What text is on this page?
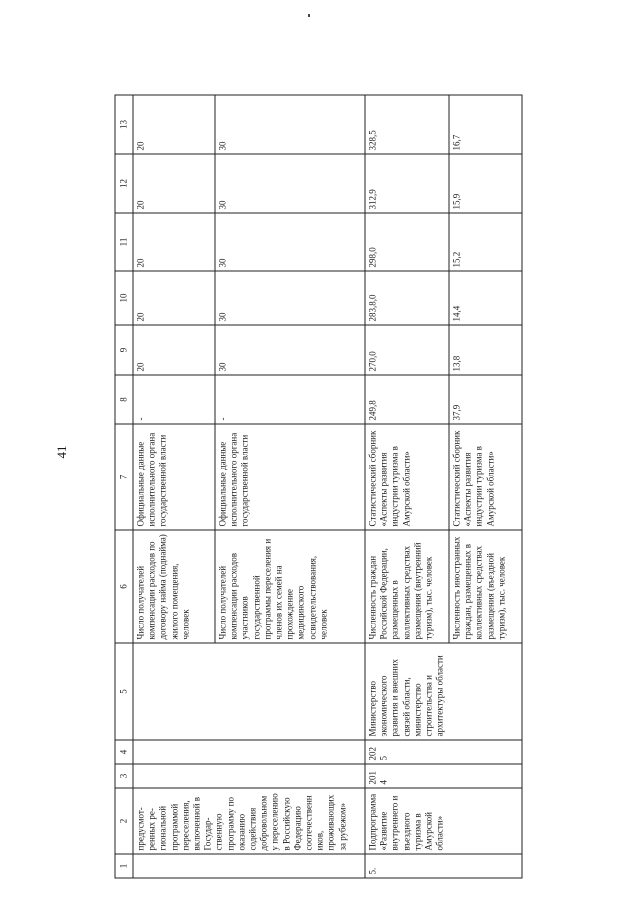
41
1	2	3	4	5	6	7	8	9	10	11	12	13
	предусмот-ренных ре-гиональной программой переселения, включенной в Государ-ственную программу по оказанию содействия добровольному переселению в Российскую Федерацию соотечественников, проживающих за рубежом»				Число получателей компенсации расходов по договору найма (поднайма) жилого помещения, человек	Официальные данные исполнительного органа государственной власти	-	20	20	20	20	20
					Число получателей компенсации расходов участников государственной программы переселения и членов их семей на прохождение медицинского освидетельствования, человек	Официальные данные исполнительного органа государственной власти	-	30	30	30	30	30
5.	Подпрограмма «Развитие внутреннего и въездного туризма в Амурской области»	2014	2025	Министерство экономического развития и внешних связей области, министерство строительства и архитектуры области	Численность граждан Российской Федерации, размещенных в коллективных средствах размещения (внутренний туризм), тыс. человек	Статистический сборник «Аспекты развития индустрии туризма в Амурской области»	249,8	270,0	283,8,0	298,0	312,9	328,5
					Численность иностранных граждан, размещенных в коллективных средствах размещения (въездной туризм), тыс. человек	Статистический сборник «Аспекты развития индустрии туризма в Амурской области»	37,9	13,8	14,4	15,2	15,9	16,7
